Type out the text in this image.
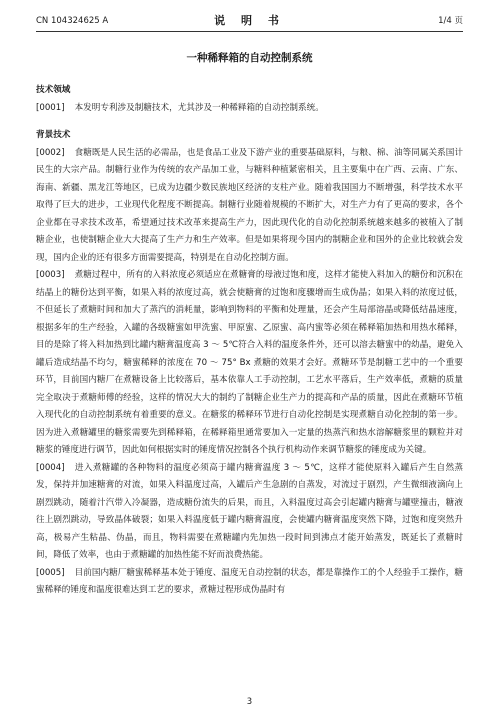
CN 104324625 A	说 明 书	1/4 页
一种稀释箱的自动控制系统

技术领域

[0001] 本发明专利涉及制糖技术，尤其涉及一种稀释箱的自动控制系统。

背景技术

[0002] 食糖既是人民生活的必需品，也是食品工业及下游产业的重要基础原料，与粮、棉、油等同属关系国计民生的大宗产品。制糖行业作为传统的农产品加工业，与糖料种植紧密相关，且主要集中在广西、云南、广东、海南、新疆、黑龙江等地区，已成为边疆少数民族地区经济的支柱产业。随着我国国力不断增强，科学技术水平取得了巨大的进步，工业现代化程度不断提高。制糖行业随着规模的不断扩大，对生产力有了更高的要求，各个企业都在寻求技术改革，希望通过技术改革来提高生产力，因此现代化的自动化控制系统越来越多的被植入了制糖企业，也使制糖企业大大提高了生产力和生产效率。但是如果将现今国内的制糖企业和国外的企业比较就会发现，国内企业的还有很多方面需要提高，特别是在自动化控制方面。

[0003] 煮糖过程中，所有的入料浓度必须适应在煮糖膏的母液过饱和度，这样才能使入料加入的糖份和沉积在结晶上的糖份达到平衡，如果入料的浓度过高，就会使糖膏的过饱和度骤增而生成伪晶；如果入料的浓度过低，不但延长了煮糖时间和加大了蒸汽的消耗量，影响到物料的平衡和处理量，还会产生局部溶晶或降低结晶速度，根据多年的生产经验，入罐的各级糖蜜如甲洗蜜、甲原蜜、乙原蜜、高内蜜等必须在稀释箱加热和用热水稀释，目的是除了将入料加热到比罐内糖膏温度高 3 ～ 5℃符合入料的温度条件外，还可以溶去糖蜜中的幼晶，避免入罐后造成结晶不均匀，糖蜜稀释的浓度在 70 ～ 75° Bx 煮糖的效果才会好。煮糖环节是制糖工艺中的一个重要环节，目前国内糖厂在煮糖设备上比较落后，基本依靠人工手动控制，工艺水平落后，生产效率低，煮糖的质量完全取决于煮糖师傅的经验，这样的情况大大的制约了制糖企业生产力的提高和产品的质量，因此在煮糖环节植入现代化的自动控制系统有着重要的意义。在糖浆的稀释环节进行自动化控制是实现煮糖自动化控制的第一步。因为进入煮糖罐里的糖浆需要先到稀释箱，在稀释箱里通常要加入一定量的热蒸汽和热水溶解糖浆里的颗粒并对糖浆的锤度进行调节，因此如何根据实时的锤度情况控制各个执行机构动作来调节糖浆的锤度成为关键。

[0004] 进入煮糖罐的各种物料的温度必须高于罐内糖膏温度 3 ～ 5℃，这样才能使原料入罐后产生自然蒸发，保持并加速糖膏的对流，如果入料温度过高，入罐后产生急剧的自蒸发，对流过于剧烈，产生微细液滴向上剧烈跳动，随着汁汽带入冷凝器，造成糖份流失的后果，而且，入料温度过高会引起罐内糖膏与罐壁撞击，糖液往上剧烈跳动，导致晶体破裂；如果入料温度低于罐内糖膏温度，会使罐内糖膏温度突然下降，过饱和度突然升高，极易产生粘晶、伪晶，而且，物料需要在煮糖罐内先加热一段时间到沸点才能开始蒸发，既延长了煮糖时间，降低了效率，也由于煮糖罐的加热性能不好而浪费热能。

[0005] 目前国内糖厂糖蜜稀释基本处于锤度、温度无自动控制的状态，都是靠操作工的个人经验手工操作，糖蜜稀释的锤度和温度很难达到工艺的要求，煮糖过程形成伪晶时有

3
